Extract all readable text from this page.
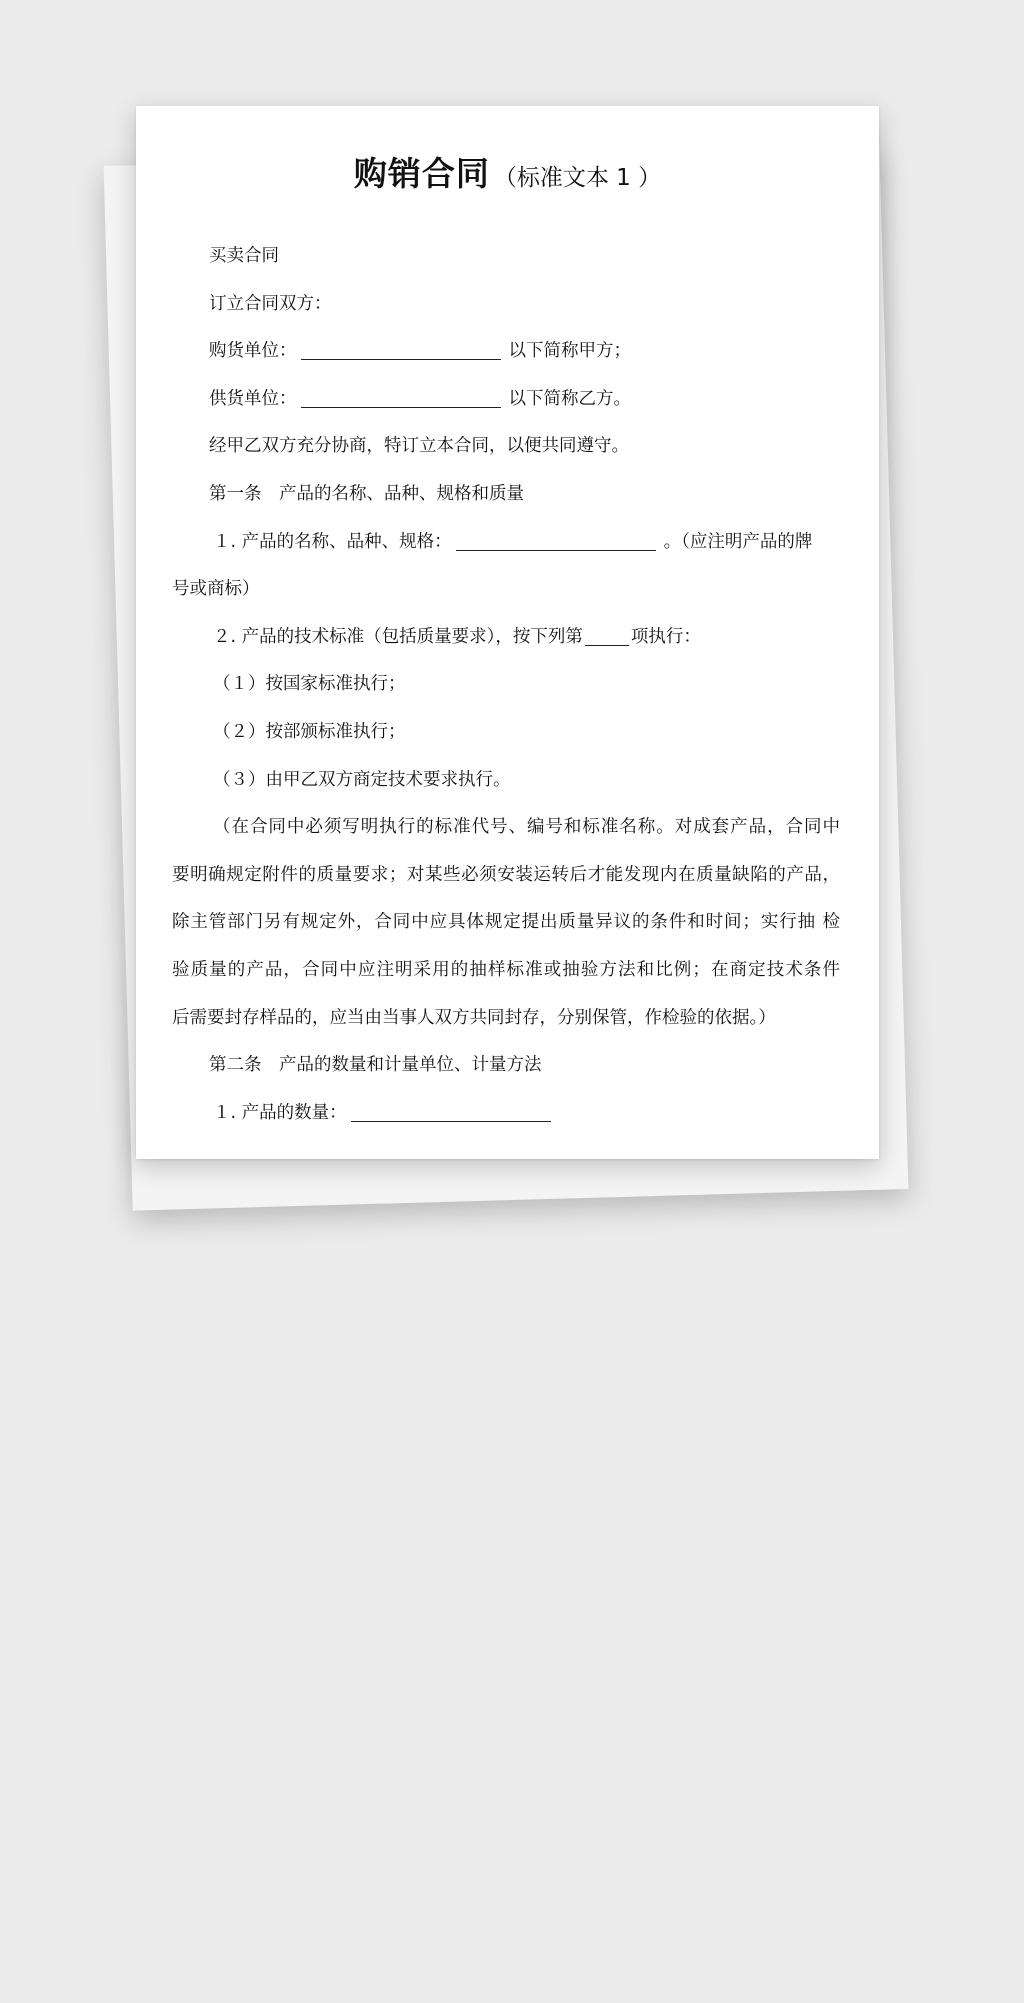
购销合同 （标准文本 1 ）
买卖合同
订立合同双方：
购货单位：	以下简称甲方；
供货单位：	以下简称乙方。
经甲乙双方充分协商，特订立本合同，以便共同遵守。
第一条　产品的名称、品种、规格和质量
１. 产品的名称、品种、规格：	。（应注明产品的牌
号或商标）
２. 产品的技术标准（包括质量要求），按下列第	项执行：
（１）按国家标准执行；
（２）按部颁标准执行；
（３）由甲乙双方商定技术要求执行。
（在合同中必须写明执行的标准代号、编号和标准名称。对成套产品，合同中
要明确规定附件的质量要求；对某些必须安装运转后才能发现内在质量缺陷的产品，
除主管部门另有规定外，合同中应具体规定提出质量异议的条件和时间；实行抽 检
验质量的产品，合同中应注明采用的抽样标准或抽验方法和比例；在商定技术条件
后需要封存样品的，应当由当事人双方共同封存，分别保管，作检验的依据。）
第二条　产品的数量和计量单位、计量方法
１. 产品的数量：
